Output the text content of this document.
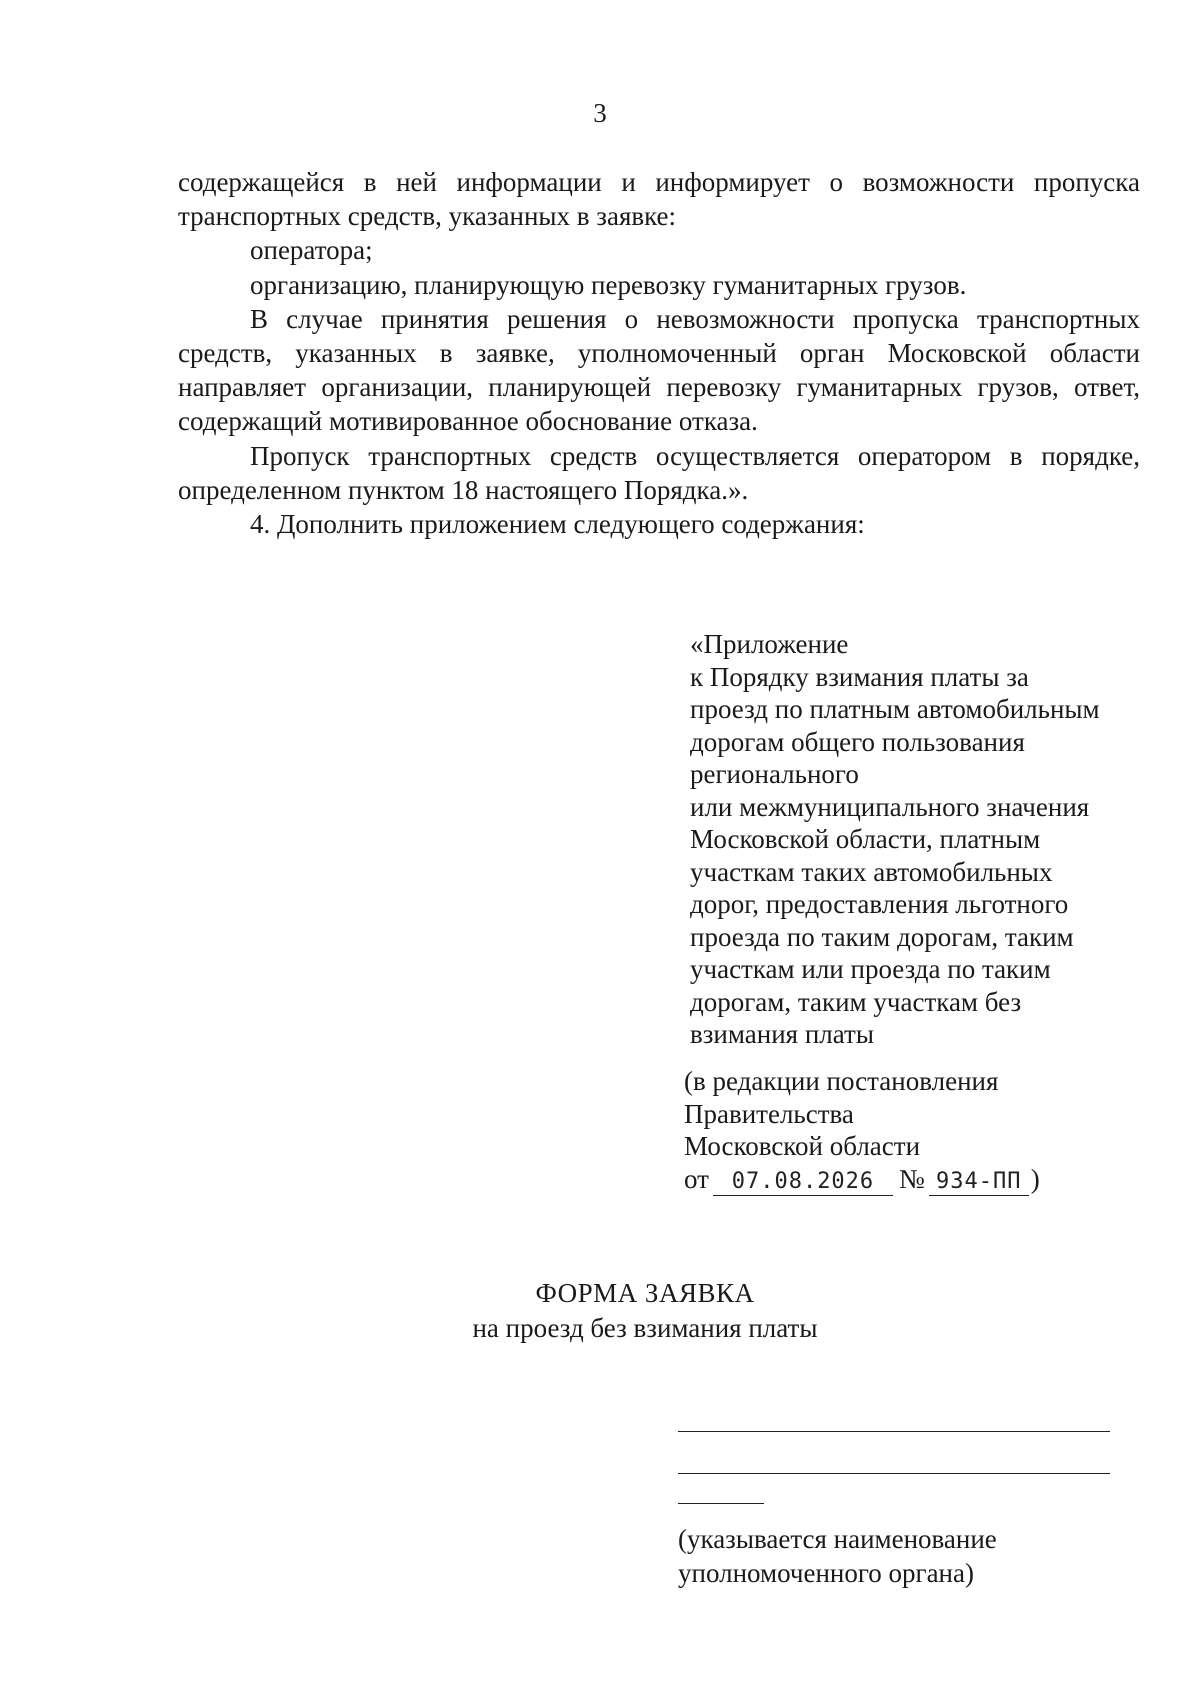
3

содержащейся в ней информации и информирует о возможности пропуска

транспортных средств, указанных в заявке:

оператора;

организацию, планирующую перевозку гуманитарных грузов.

В случае принятия решения о невозможности пропуска транспортных средств, указанных в заявке, уполномоченный орган Московской области направляет организации, планирующей перевозку гуманитарных грузов, ответ, содержащий мотивированное обоснование отказа.

Пропуск транспортных средств осуществляется оператором в порядке, определенном пунктом 18 настоящего Порядка.».

4. Дополнить приложением следующего содержания:

«Приложение
к Порядку взимания платы за
проезд по платным автомобильным
дорогам общего пользования
регионального
или межмуниципального значения
Московской области, платным
участкам таких автомобильных
дорог, предоставления льготного
проезда по таким дорогам, таким
участкам или проезда по таким
дорогам, таким участкам без
взимания платы
(в редакции постановления
Правительства
Московской области
от	07.08.2026 № 934-ПП )
ФОРМА ЗАЯВКА
на проезд без взимания платы
(указывается наименование
уполномоченного органа)
